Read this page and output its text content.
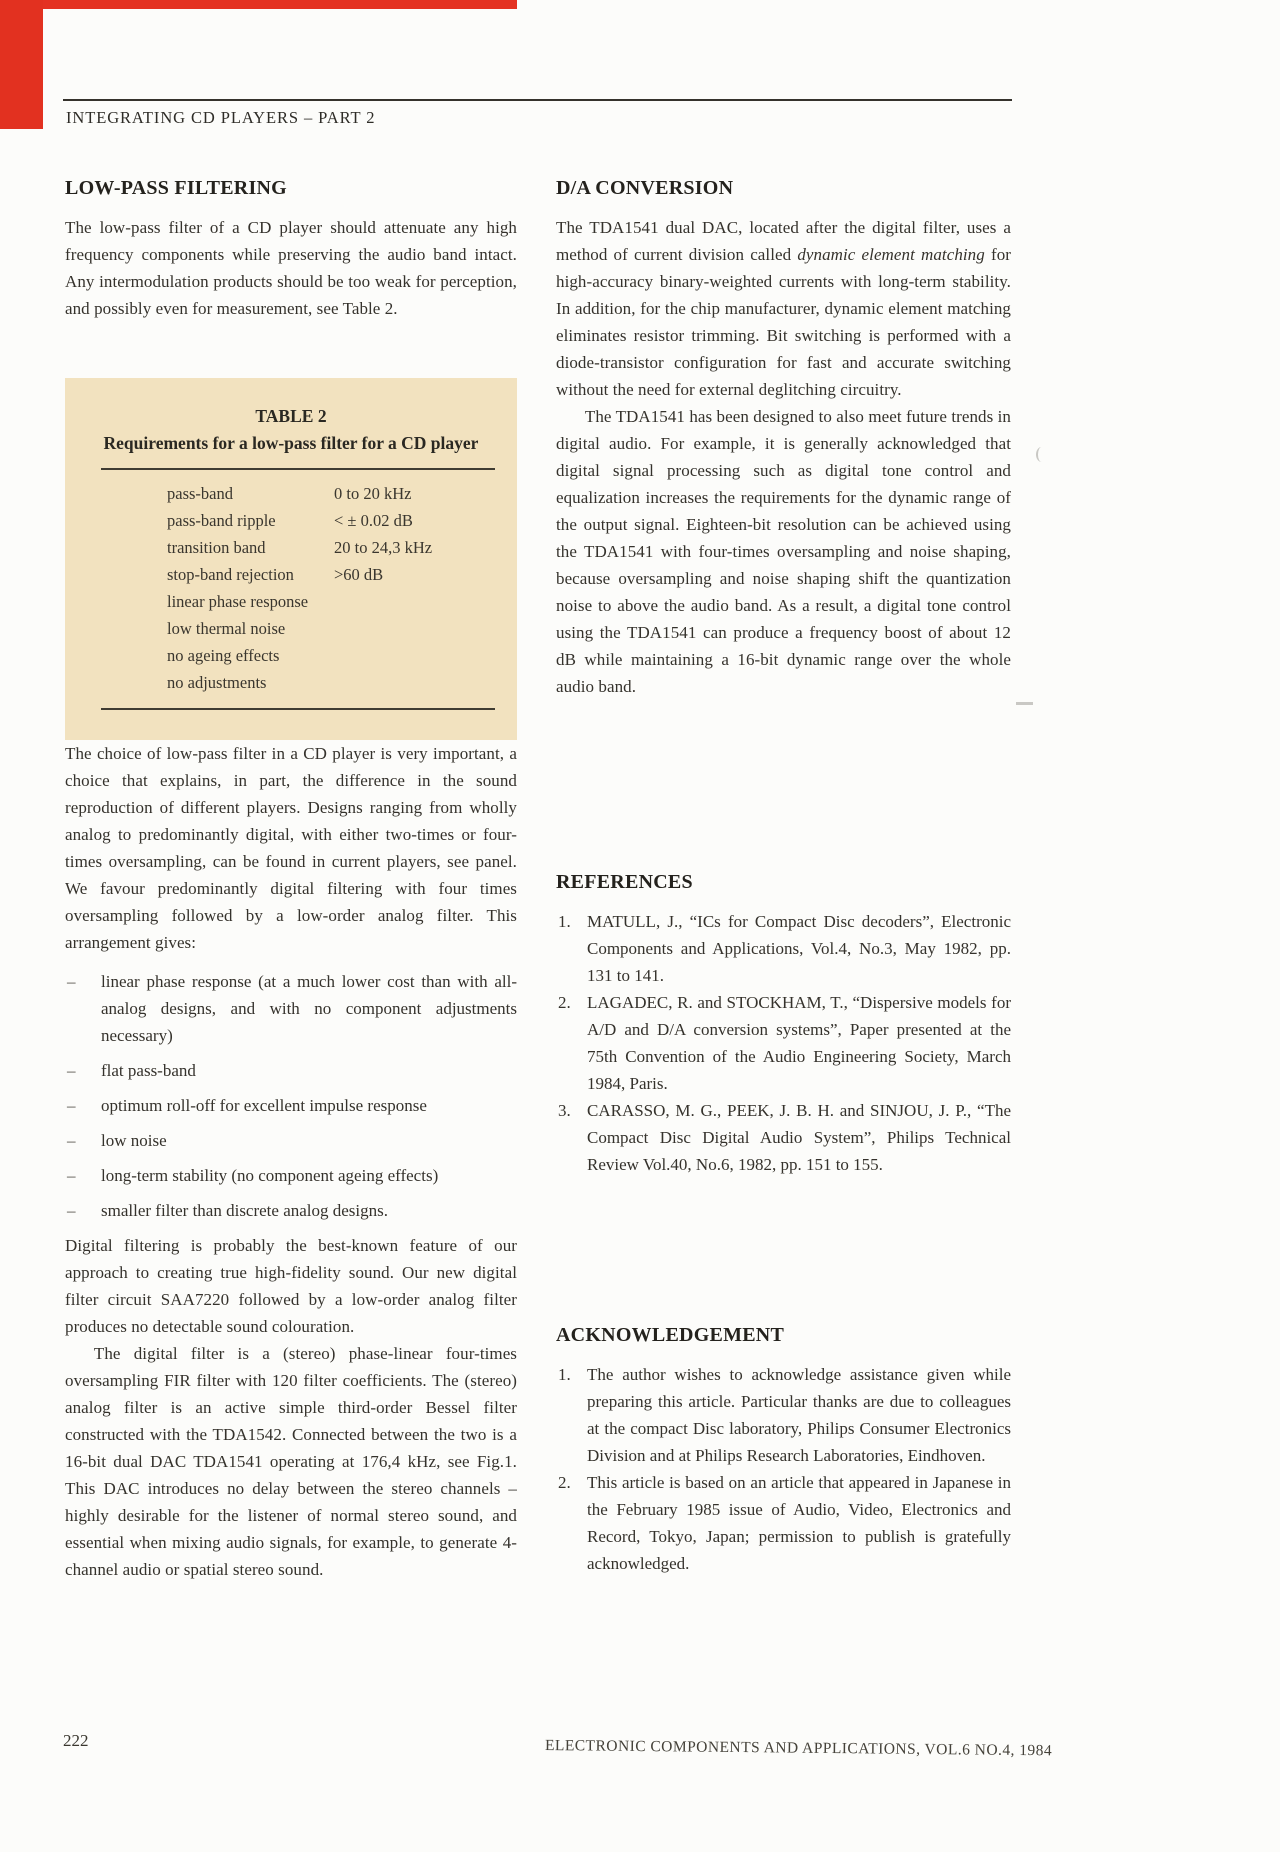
INTEGRATING CD PLAYERS – PART 2
LOW-PASS FILTERING

The low-pass filter of a CD player should attenuate any high frequency components while preserving the audio band intact. Any intermodulation products should be too weak for perception, and possibly even for measurement, see Table 2.

TABLE 2
Requirements for a low-pass filter for a CD player
pass-band	0 to 20 kHz
pass-band ripple	< ± 0.02 dB
transition band	20 to 24,3 kHz
stop-band rejection	>60 dB
linear phase response
low thermal noise
no ageing effects
no adjustments

The choice of low-pass filter in a CD player is very important, a choice that explains, in part, the difference in the sound reproduction of different players. Designs ranging from wholly analog to predominantly digital, with either two-times or four-times oversampling, can be found in current players, see panel. We favour predominantly digital filtering with four times oversampling followed by a low-order analog filter. This arrangement gives:

– linear phase response (at a much lower cost than with all-analog designs, and with no component adjustments necessary)
– flat pass-band
– optimum roll-off for excellent impulse response
– low noise
– long-term stability (no component ageing effects)
– smaller filter than discrete analog designs.

Digital filtering is probably the best-known feature of our approach to creating true high-fidelity sound. Our new digital filter circuit SAA7220 followed by a low-order analog filter produces no detectable sound colouration.

The digital filter is a (stereo) phase-linear four-times oversampling FIR filter with 120 filter coefficients. The (stereo) analog filter is an active simple third-order Bessel filter constructed with the TDA1542. Connected between the two is a 16-bit dual DAC TDA1541 operating at 176,4 kHz, see Fig.1. This DAC introduces no delay between the stereo channels – highly desirable for the listener of normal stereo sound, and essential when mixing audio signals, for example, to generate 4-channel audio or spatial stereo sound.

D/A CONVERSION

The TDA1541 dual DAC, located after the digital filter, uses a method of current division called dynamic element matching for high-accuracy binary-weighted currents with long-term stability. In addition, for the chip manufacturer, dynamic element matching eliminates resistor trimming. Bit switching is performed with a diode-transistor configuration for fast and accurate switching without the need for external deglitching circuitry.

The TDA1541 has been designed to also meet future trends in digital audio. For example, it is generally acknowledged that digital signal processing such as digital tone control and equalization increases the requirements for the dynamic range of the output signal. Eighteen-bit resolution can be achieved using the TDA1541 with four-times oversampling and noise shaping, because oversampling and noise shaping shift the quantization noise to above the audio band. As a result, a digital tone control using the TDA1541 can produce a frequency boost of about 12 dB while maintaining a 16-bit dynamic range over the whole audio band.

REFERENCES
1. MATULL, J., “ICs for Compact Disc decoders”, Electronic Components and Applications, Vol.4, No.3, May 1982, pp. 131 to 141.
2. LAGADEC, R. and STOCKHAM, T., “Dispersive models for A/D and D/A conversion systems”, Paper presented at the 75th Convention of the Audio Engineering Society, March 1984, Paris.
3. CARASSO, M. G., PEEK, J. B. H. and SINJOU, J. P., “The Compact Disc Digital Audio System”, Philips Technical Review Vol.40, No.6, 1982, pp. 151 to 155.
ACKNOWLEDGEMENT
1. The author wishes to acknowledge assistance given while preparing this article. Particular thanks are due to colleagues at the compact Disc laboratory, Philips Consumer Electronics Division and at Philips Research Laboratories, Eindhoven.
2. This article is based on an article that appeared in Japanese in the February 1985 issue of Audio, Video, Electronics and Record, Tokyo, Japan; permission to publish is gratefully acknowledged.
222	ELECTRONIC COMPONENTS AND APPLICATIONS, VOL.6 NO.4, 1984
